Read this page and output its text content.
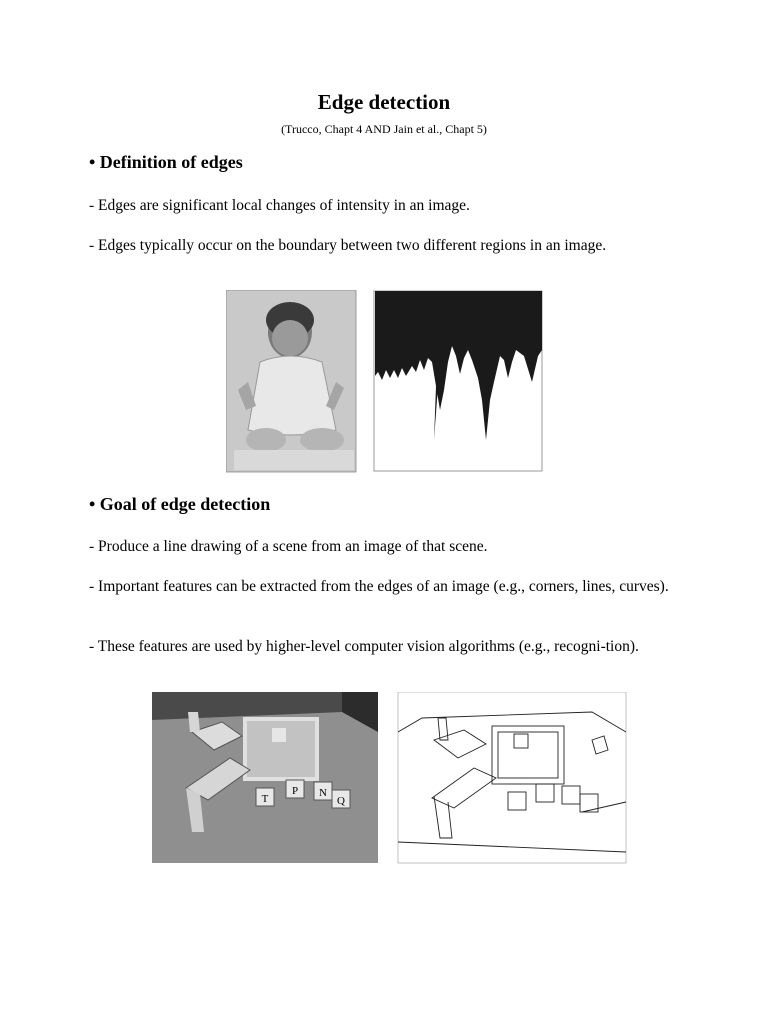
Edge detection
(Trucco, Chapt 4 AND Jain et al., Chapt 5)
• Definition of edges
- Edges are significant local changes of intensity in an image.
- Edges typically occur on the boundary between two different regions in an image.
• Goal of edge detection
- Produce a line drawing of a scene from an image of that scene.
- Important features can be extracted from the edges of an image (e.g., corners, lines, curves).
- These features are used by higher-level computer vision algorithms (e.g., recogni-tion).
T
P N
Q
